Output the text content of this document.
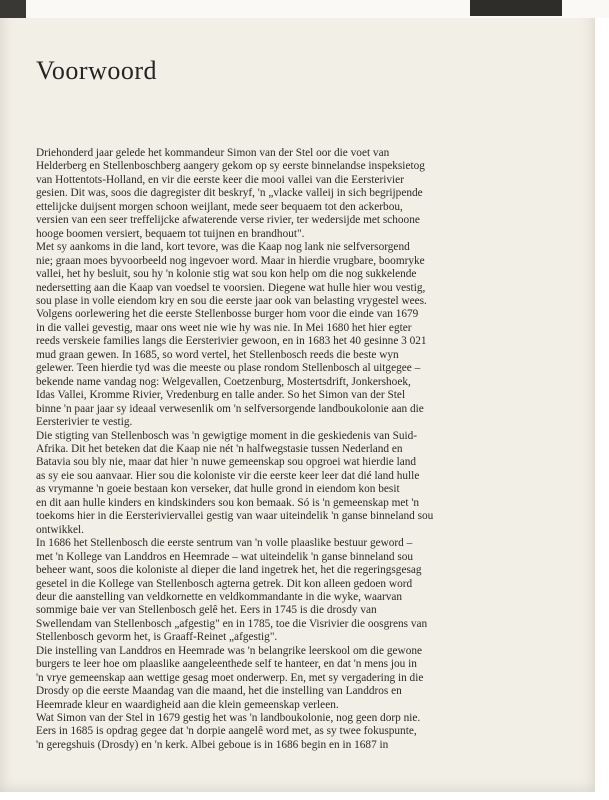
Voorwoord
Driehonderd jaar gelede het kommandeur Simon van der Stel oor die voet van
Helderberg en Stellenboschberg aangery gekom op sy eerste binnelandse inspeksietog
van Hottentots-Holland, en vir die eerste keer die mooi vallei van die Eersterivier
gesien. Dit was, soos die dagregister dit beskryf, 'n „vlacke valleij in sich begrijpende
ettelijcke duijsent morgen schoon weijlant, mede seer bequaem tot den ackerbou,
versien van een seer treffelijcke afwaterende verse rivier, ter wedersijde met schoone
hooge boomen versiert, bequaem tot tuijnen en brandhout".
Met sy aankoms in die land, kort tevore, was die Kaap nog lank nie selfversorgend
nie; graan moes byvoorbeeld nog ingevoer word. Maar in hierdie vrugbare, boomryke
vallei, het hy besluit, sou hy 'n kolonie stig wat sou kon help om die nog sukkelende
nedersetting aan die Kaap van voedsel te voorsien. Diegene wat hulle hier wou vestig,
sou plase in volle eiendom kry en sou die eerste jaar ook van belasting vrygestel wees.
Volgens oorlewering het die eerste Stellenbosse burger hom voor die einde van 1679
in die vallei gevestig, maar ons weet nie wie hy was nie. In Mei 1680 het hier egter
reeds verskeie families langs die Eersterivier gewoon, en in 1683 het 40 gesinne 3 021
mud graan gewen. In 1685, so word vertel, het Stellenbosch reeds die beste wyn
gelewer. Teen hierdie tyd was die meeste ou plase rondom Stellenbosch al uitgegee –
bekende name vandag nog: Welgevallen, Coetzenburg, Mostertsdrift, Jonkershoek,
Idas Vallei, Kromme Rivier, Vredenburg en talle ander. So het Simon van der Stel
binne 'n paar jaar sy ideaal verwesenlik om 'n selfversorgende landboukolonie aan die
Eersterivier te vestig.
Die stigting van Stellenbosch was 'n gewigtige moment in die geskiedenis van Suid-
Afrika. Dit het beteken dat die Kaap nie nét 'n halfwegstasie tussen Nederland en
Batavia sou bly nie, maar dat hier 'n nuwe gemeenskap sou opgroei wat hierdie land
as sy eie sou aanvaar. Hier sou die koloniste vir die eerste keer leer dat dié land hulle
as vrymanne 'n goeie bestaan kon verseker, dat hulle grond in eiendom kon besit
en dit aan hulle kinders en kindskinders sou kon bemaak. Só is 'n gemeenskap met 'n
toekoms hier in die Eersteriviervallei gestig van waar uiteindelik 'n ganse binneland sou
ontwikkel.
In 1686 het Stellenbosch die eerste sentrum van 'n volle plaaslike bestuur geword –
met 'n Kollege van Landdros en Heemrade – wat uiteindelik 'n ganse binneland sou
beheer want, soos die koloniste al dieper die land ingetrek het, het die regeringsgesag
gesetel in die Kollege van Stellenbosch agterna getrek. Dit kon alleen gedoen word
deur die aanstelling van veldkornette en veldkommandante in die wyke, waarvan
sommige baie ver van Stellenbosch gelê het. Eers in 1745 is die drosdy van
Swellendam van Stellenbosch „afgestig" en in 1785, toe die Visrivier die oosgrens van
Stellenbosch gevorm het, is Graaff-Reinet „afgestig".
Die instelling van Landdros en Heemrade was 'n belangrike leerskool om die gewone
burgers te leer hoe om plaaslike aangeleenthede self te hanteer, en dat 'n mens jou in
'n vrye gemeenskap aan wettige gesag moet onderwerp. En, met sy vergadering in die
Drosdy op die eerste Maandag van die maand, het die instelling van Landdros en
Heemrade kleur en waardigheid aan die klein gemeenskap verleen.
Wat Simon van der Stel in 1679 gestig het was 'n landboukolonie, nog geen dorp nie.
Eers in 1685 is opdrag gegee dat 'n dorpie aangelê word met, as sy twee fokuspunte,
'n geregshuis (Drosdy) en 'n kerk. Albei geboue is in 1686 begin en in 1687 in
